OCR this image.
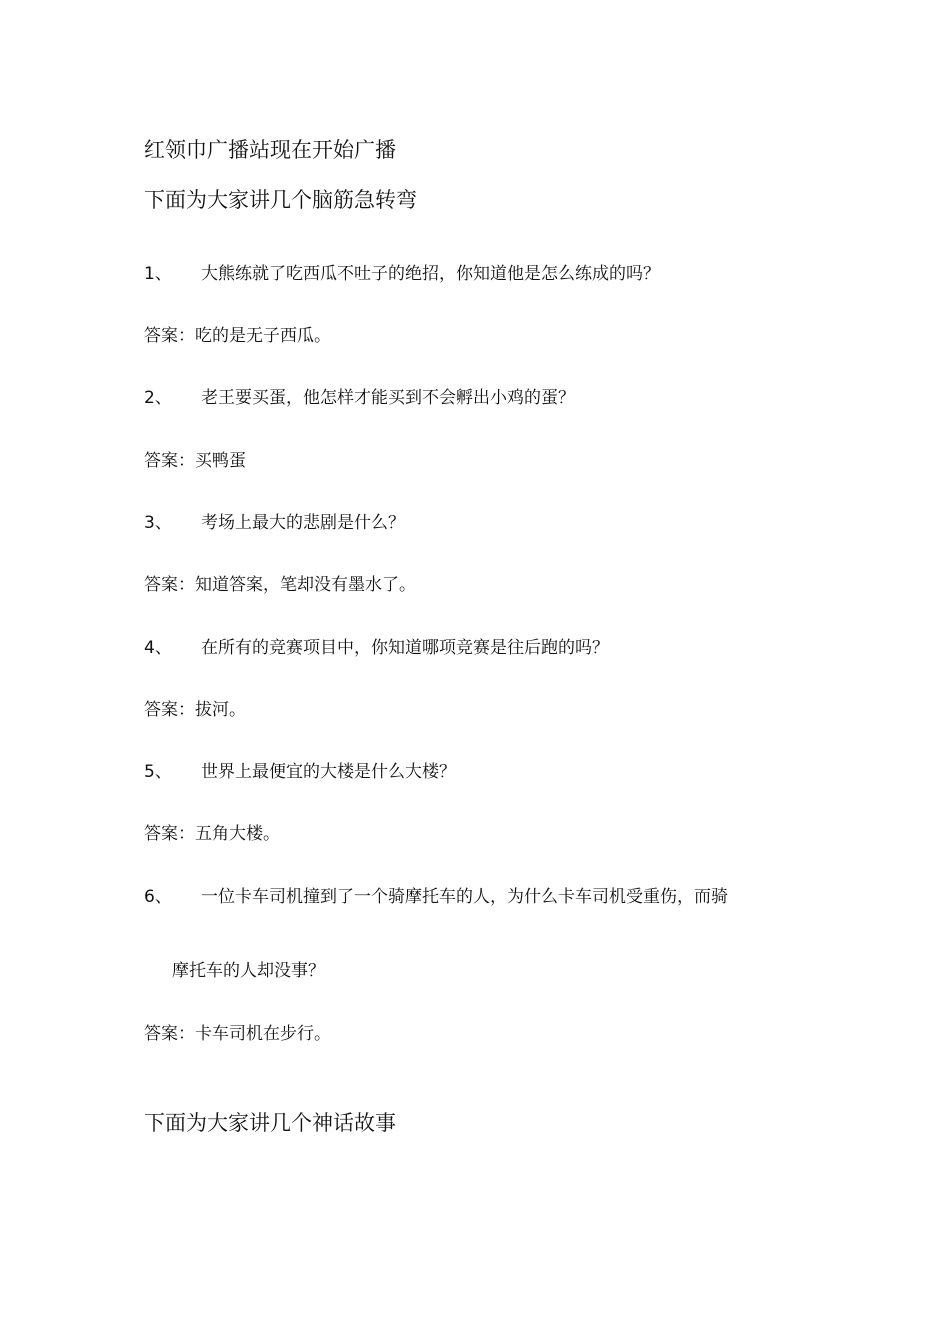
红领巾广播站现在开始广播
下面为大家讲几个脑筋急转弯
1、 大熊练就了吃西瓜不吐子的绝招，你知道他是怎么练成的吗？
答案：吃的是无子西瓜。
2、 老王要买蛋，他怎样才能买到不会孵出小鸡的蛋？
答案：买鸭蛋
3、 考场上最大的悲剧是什么？
答案：知道答案，笔却没有墨水了。
4、 在所有的竞赛项目中，你知道哪项竞赛是往后跑的吗？
答案：拔河。
5、 世界上最便宜的大楼是什么大楼？
答案：五角大楼。
6、 一位卡车司机撞到了一个骑摩托车的人，为什么卡车司机受重伤，而骑
摩托车的人却没事？
答案：卡车司机在步行。
下面为大家讲几个神话故事
